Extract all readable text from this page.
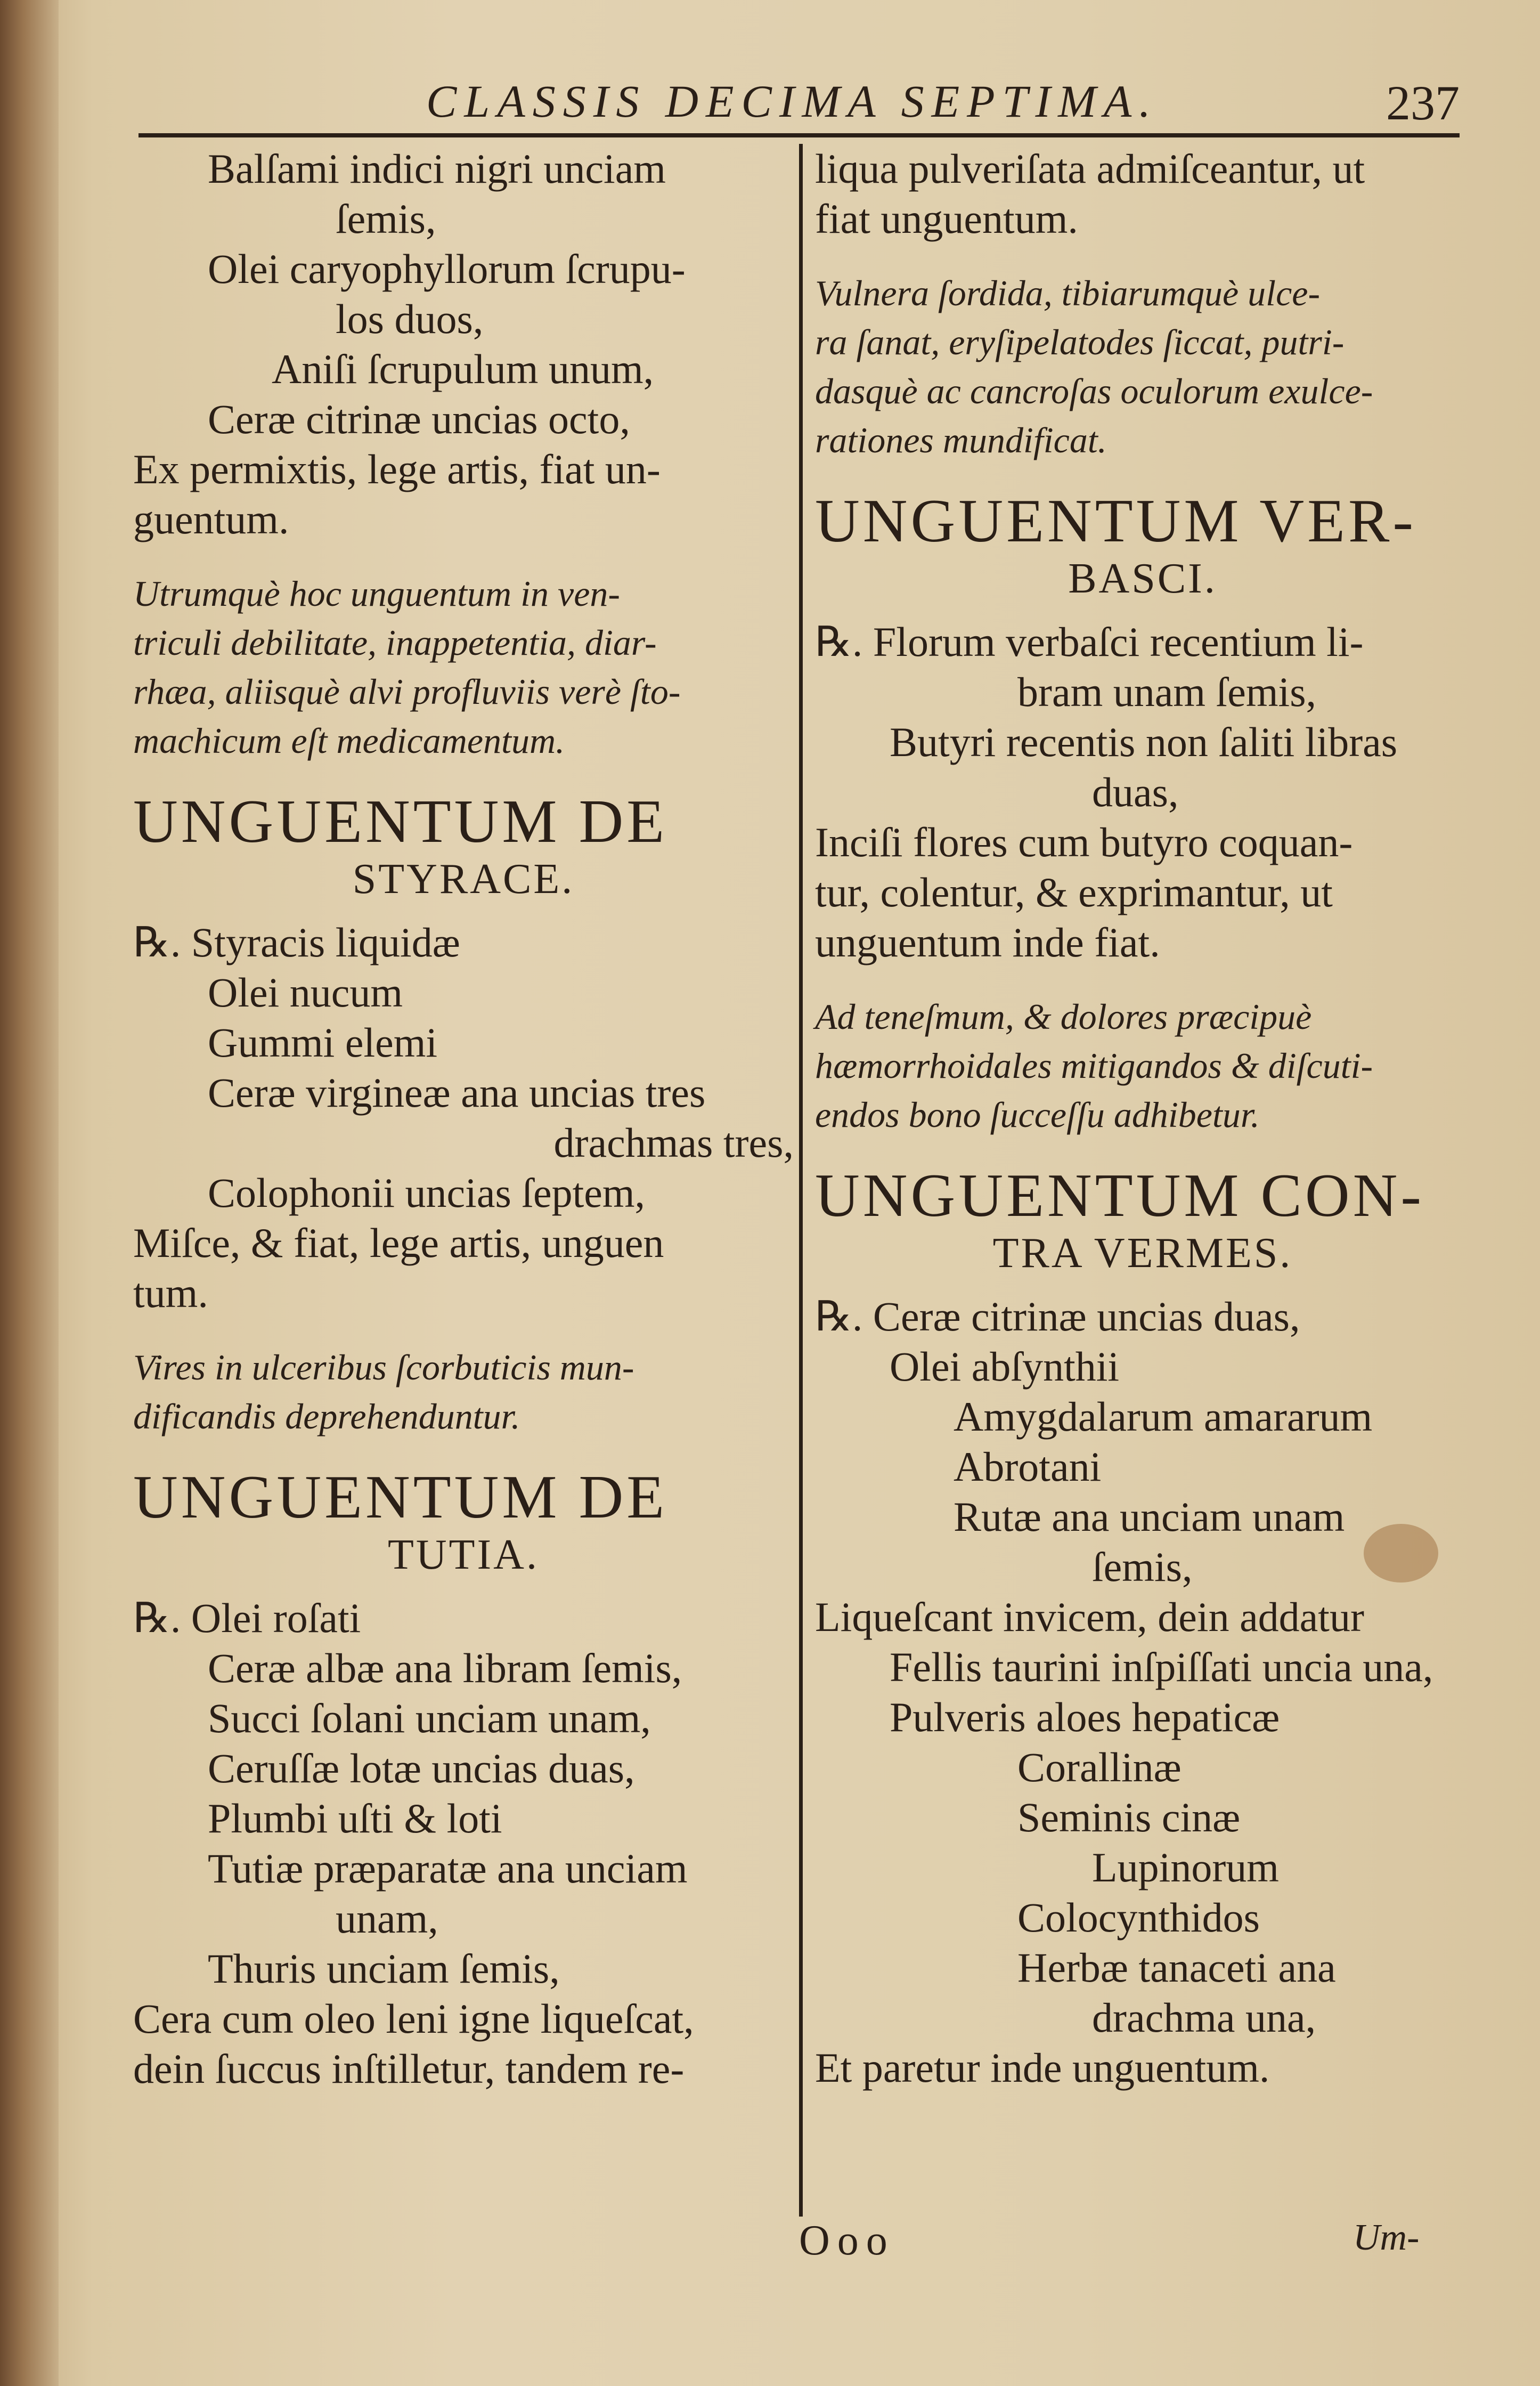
CLASSIS DECIMA SEPTIMA.	237
Balſami indici nigri unciam
ſemis,
Olei caryophyllorum ſcrupu-
los duos,
Aniſi ſcrupulum unum,
Ceræ citrinæ uncias octo,
Ex permixtis, lege artis, fiat un-
guentum.
Utrumquè hoc unguentum in ven-
triculi debilitate, inappetentia, diar-
rhæa, aliisquè alvi profluviis verè ſto-
machicum eſt medicamentum.
UNGUENTUM DE
STYRACE.
℞. Styracis liquidæ
Olei nucum
Gummi elemi
Ceræ virgineæ ana uncias tres
drachmas tres,
Colophonii uncias ſeptem,
Miſce, & fiat, lege artis, unguen
tum.
Vires in ulceribus ſcorbuticis mun-
dificandis deprehenduntur.
UNGUENTUM DE
TUTIA.
℞. Olei roſati
Ceræ albæ ana libram ſemis,
Succi ſolani unciam unam,
Ceruſſæ lotæ uncias duas,
Plumbi uſti & loti
Tutiæ præparatæ ana unciam
unam,
Thuris unciam ſemis,
Cera cum oleo leni igne liqueſcat,
dein ſuccus inſtilletur, tandem re-
liqua pulveriſata admiſceantur, ut
fiat unguentum.
Vulnera ſordida, tibiarumquè ulce-
ra ſanat, eryſipelatodes ſiccat, putri-
dasquè ac cancroſas oculorum exulce-
rationes mundificat.
UNGUENTUM VER-
BASCI.
℞. Florum verbaſci recentium li-
bram unam ſemis,
Butyri recentis non ſaliti libras
duas,
Inciſi flores cum butyro coquan-
tur, colentur, & exprimantur, ut
unguentum inde fiat.
Ad teneſmum, & dolores præcipuè
hæmorrhoidales mitigandos & diſcuti-
endos bono ſucceſſu adhibetur.
UNGUENTUM CON-
TRA VERMES.
℞. Ceræ citrinæ uncias duas,
Olei abſynthii
Amygdalarum amararum
Abrotani
Rutæ ana unciam unam
ſemis,
Liqueſcant invicem, dein addatur
Fellis taurini inſpiſſati uncia una,
Pulveris aloes hepaticæ
Corallinæ
Seminis cinæ
Lupinorum
Colocynthidos
Herbæ tanaceti ana
drachma una,
Et paretur inde unguentum.
Ooo	Um-
